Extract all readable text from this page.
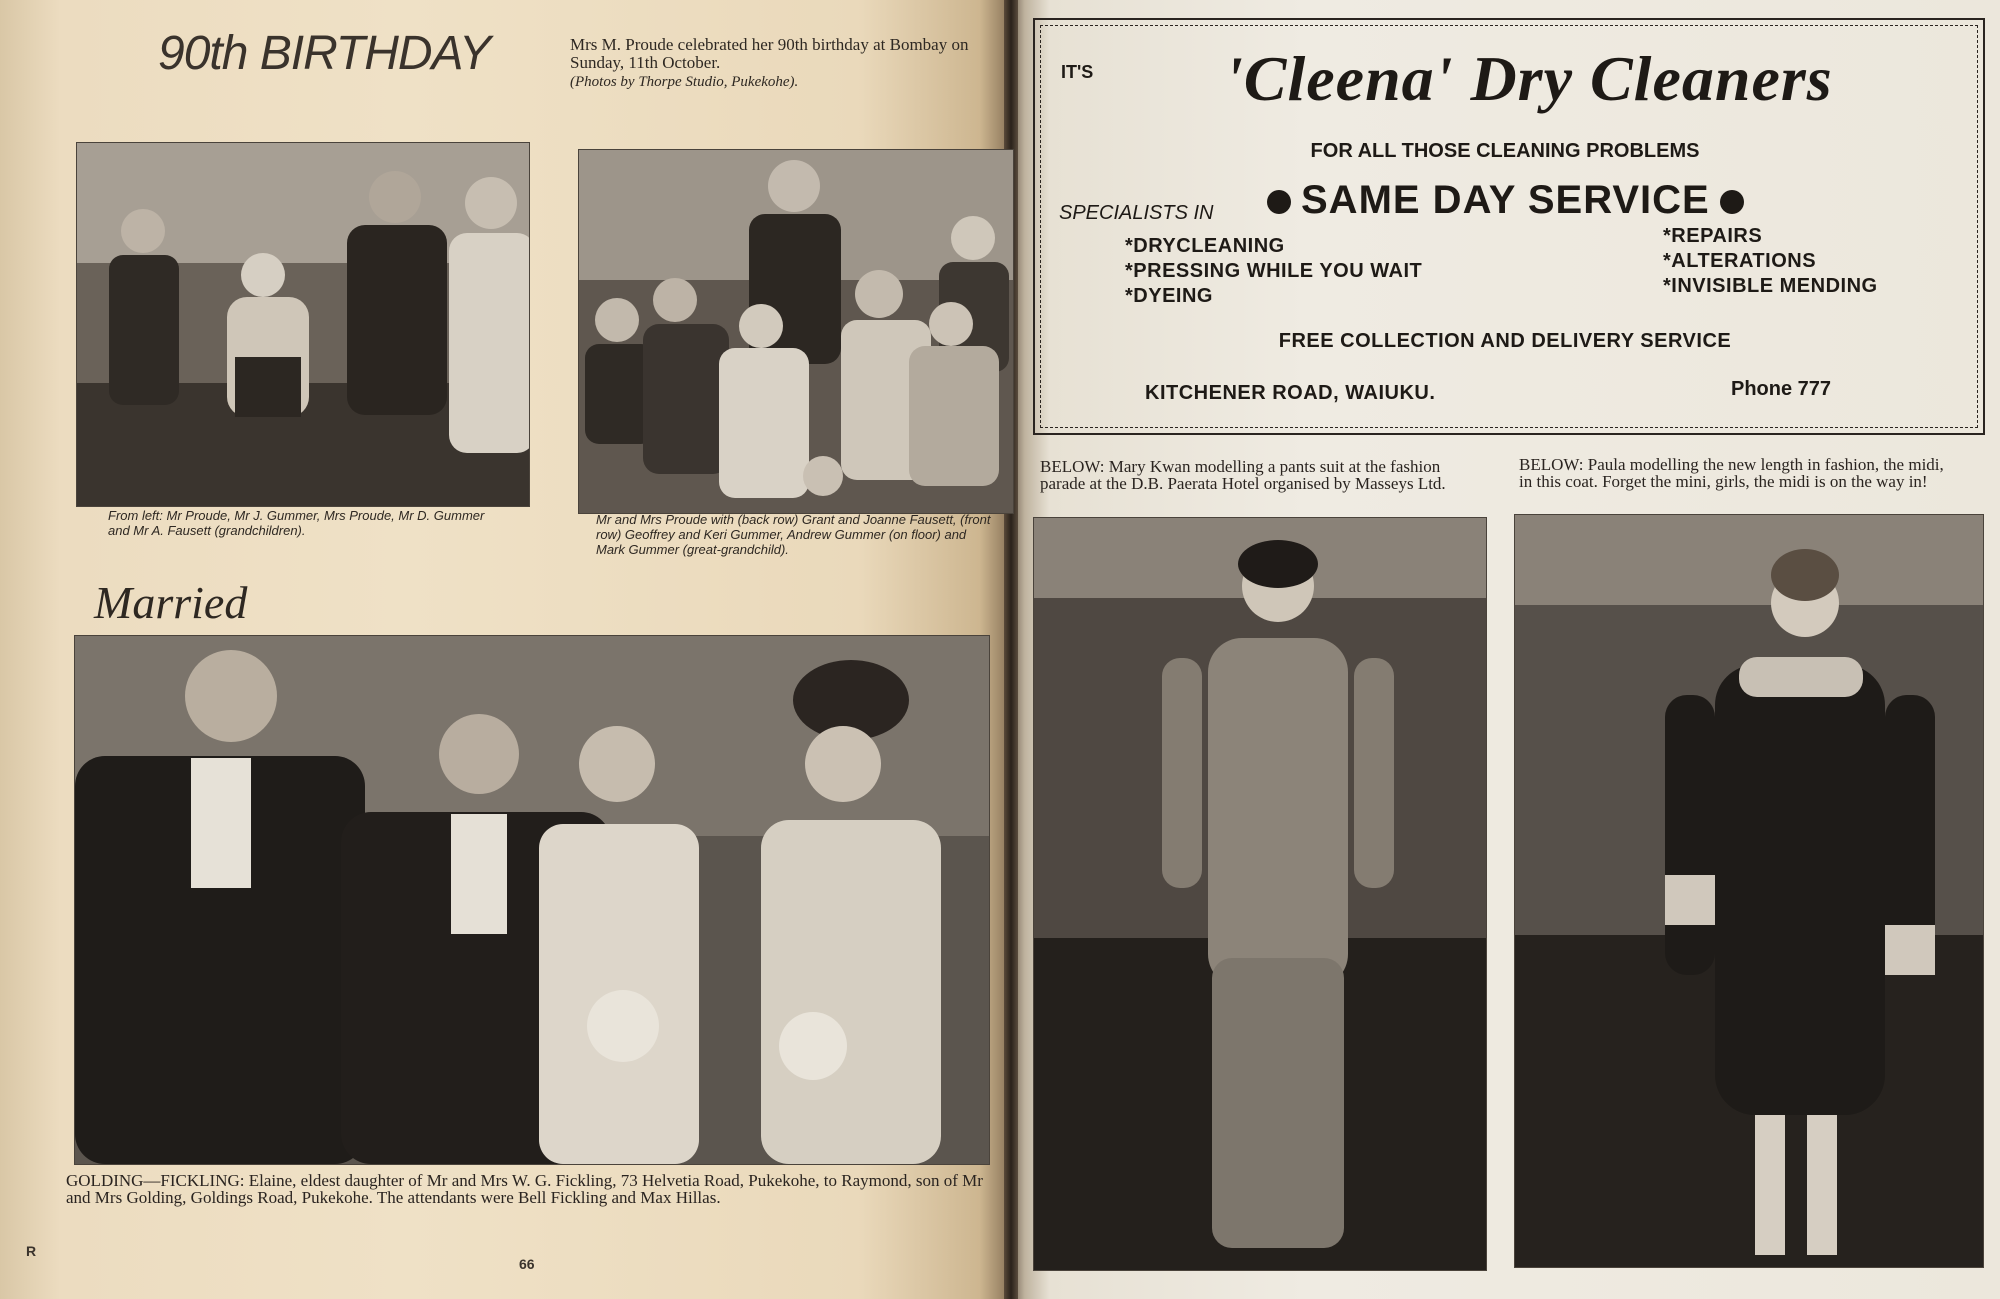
90th BIRTHDAY	Mrs M. Proude celebrated her 90th birthday at Bombay on Sunday, 11th October.
(Photos by Thorpe Studio, Pukekohe).
From left: Mr Proude, Mr J. Gummer, Mrs Proude, Mr D. Gummer and Mr A. Fausett (grandchildren).
Mr and Mrs Proude with (back row) Grant and Joanne Fausett, (front row) Geoffrey and Keri Gummer, Andrew Gummer (on floor) and Mark Gummer (great-grandchild).
Married
GOLDING—FICKLING: Elaine, eldest daughter of Mr and Mrs W. G. Fickling, 73 Helvetia Road, Pukekohe, to Raymond, son of Mr and Mrs Golding, Goldings Road, Pukekohe. The attendants were Bell Fickling and Max Hillas.
66
R
IT'S 'Cleena' Dry Cleaners
FOR ALL THOSE CLEANING PROBLEMS
SPECIALISTS IN	SAME DAY SERVICE
*DRYCLEANING
*PRESSING WHILE YOU WAIT
*DYEING
*REPAIRS
*ALTERATIONS
*INVISIBLE MENDING
FREE COLLECTION AND DELIVERY SERVICE
KITCHENER ROAD, WAIUKU.	Phone 777
BELOW: Mary Kwan modelling a pants suit at the fashion parade at the D.B. Paerata Hotel organised by Masseys Ltd.
BELOW: Paula modelling the new length in fashion, the midi, in this coat. Forget the mini, girls, the midi is on the way in!
